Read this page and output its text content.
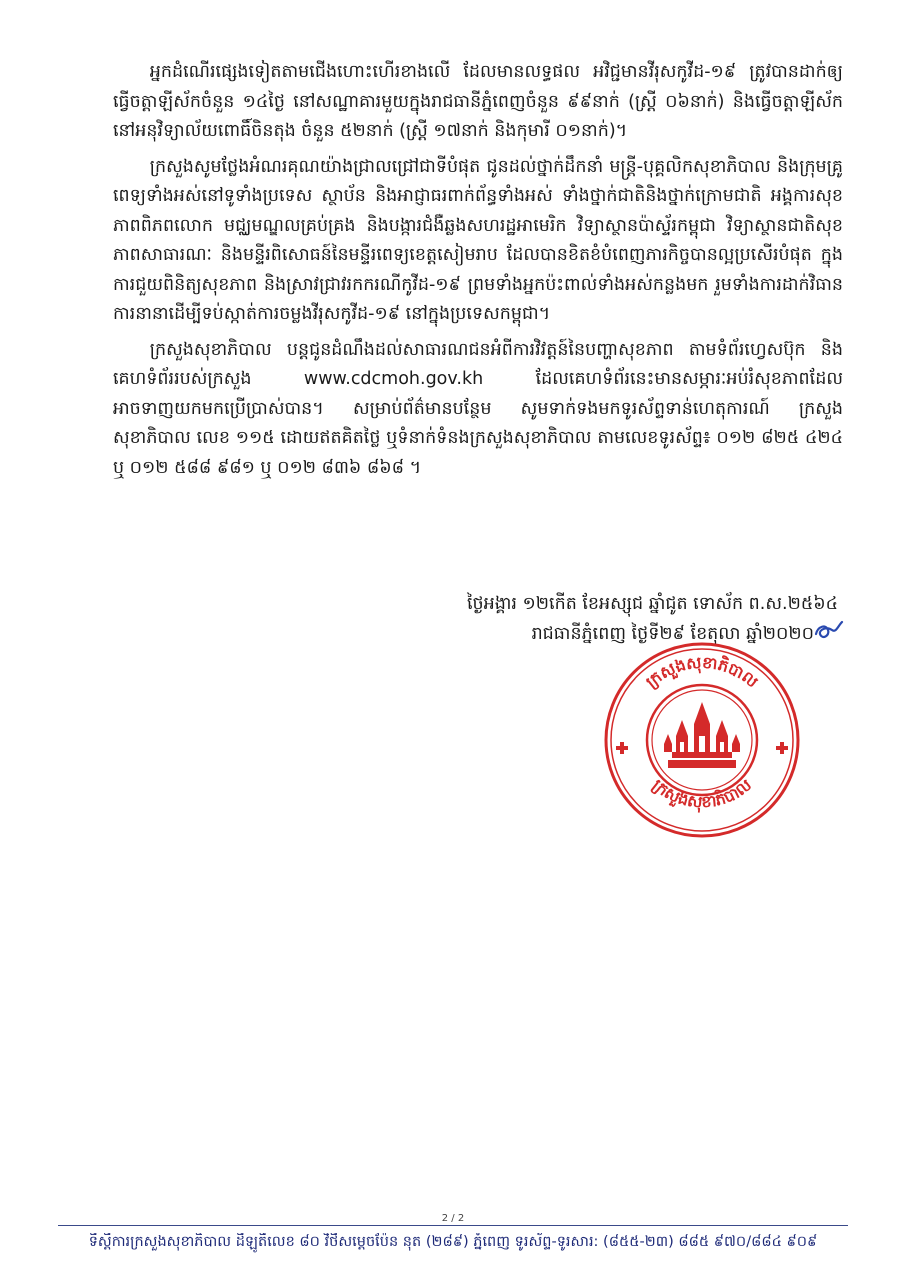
អ្នកដំណើរផ្សេងទៀតតាមជើងហោះហើរខាងលើ ដែលមានលទ្ធផល អវិជ្ជមានវីរុសកូវីដ-១៩ ត្រូវបានដាក់ឲ្យធ្វើចត្តាឡីស័កចំនួន ១៤ថ្ងៃ នៅសណ្ឋាគារមួយក្នុងរាជធានីភ្នំពេញចំនួន ៩៩នាក់ (ស្ត្រី ០៦នាក់) និងធ្វើចត្តាឡីស័កនៅអនុវិទ្យាល័យពោធិ៍ចិនតុង ចំនួន ៥២នាក់ (ស្ត្រី ១៧នាក់ និងកុមារី ០១នាក់)។

ក្រសួងសូមថ្លែងអំណរគុណយ៉ាងជ្រាលជ្រៅជាទីបំផុត ជូនដល់ថ្នាក់ដឹកនាំ មន្ត្រី-បុគ្គលិកសុខាភិបាល និងក្រុមគ្រូពេទ្យទាំងអស់នៅទូទាំងប្រទេស ស្ថាប័ន និងអាជ្ញាធរពាក់ព័ន្ធទាំងអស់ ទាំងថ្នាក់ជាតិនិងថ្នាក់ក្រោមជាតិ អង្គការសុខភាពពិភពលោក មជ្ឈមណ្ឌលគ្រប់គ្រង និងបង្ការជំងឺឆ្លងសហរដ្ឋអាមេរិក វិទ្យាស្ថានប៉ាស្ទ័រកម្ពុជា វិទ្យាស្ថានជាតិសុខភាពសាធារណៈ និងមន្ទីរពិសោធន៍នៃមន្ទីរពេទ្យខេត្តសៀមរាប ដែលបានខិតខំបំពេញភារកិច្ចបានល្អប្រសើរបំផុត ក្នុងការជួយពិនិត្យសុខភាព និងស្រាវជ្រាវរកករណីកូវីដ-១៩ ព្រមទាំងអ្នកប៉ះពាល់ទាំងអស់កន្លងមក រួមទាំងការដាក់វិធានការនានាដើម្បីទប់ស្កាត់ការចម្លងវីរុសកូវីដ-១៩ នៅក្នុងប្រទេសកម្ពុជា។

ក្រសួងសុខាភិបាល បន្តជូនដំណឹងដល់សាធារណជនអំពីការវិវត្តន៍នៃបញ្ហាសុខភាព តាមទំព័រហ្វេសប៊ុក និងគេហទំព័ររបស់ក្រសួង www.cdcmoh.gov.kh ដែលគេហទំព័រនេះមានសម្ភារៈអប់រំសុខភាពដែលអាចទាញយកមកប្រើប្រាស់បាន។ សម្រាប់ព័ត៌មានបន្ថែម សូមទាក់ទងមកទូរស័ព្ទទាន់ហេតុការណ៍ ក្រសួងសុខាភិបាល លេខ ១១៥ ដោយឥតគិតថ្លៃ ឬទំនាក់ទំនងក្រសួងសុខាភិបាល តាមលេខទូរស័ព្ទ៖ ០១២ ៨២៥ ៤២៤ ឬ ០១២ ៥៨៨ ៩៨១ ឬ ០១២ ៨៣៦ ៨៦៨ ។

ថ្ងៃអង្គារ ១២កើត ខែអស្សុជ ឆ្នាំជូត ទោស័ក ព.ស.២៥៦៤
រាជធានីភ្នំពេញ ថ្ងៃទី២៩ ខែតុលា ឆ្នាំ២០២០
ក្រសួងសុខាភិបាល
ក្រសួងសុខាភិបាល
2 / 2
ទីស្តីការក្រសួងសុខាភិបាល ដីឡូតិ៍លេខ ៨០ វិថីសម្ដេចប៉ែន នុត (២៨៩) ភ្នំពេញ ទូរស័ព្ទ-ទូរសារ: (៨៥៥-២៣) ៨៨៥ ៩៧០/៨៨៤ ៩០៩
